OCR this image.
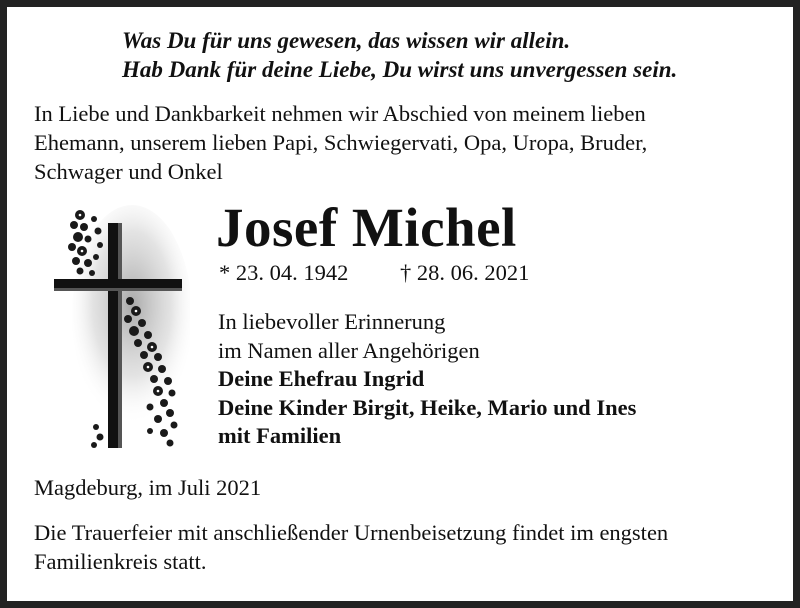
Was Du für uns gewesen, das wissen wir allein.
Hab Dank für deine Liebe, Du wirst uns unvergessen sein.
In Liebe und Dankbarkeit nehmen wir Abschied von meinem lieben
Ehemann, unserem lieben Papi, Schwiegervati, Opa, Uropa, Bruder,
Schwager und Onkel
Josef Michel
* 23. 04. 1942 † 28. 06. 2021
In liebevoller Erinnerung
im Namen aller Angehörigen
Deine Ehefrau Ingrid
Deine Kinder Birgit, Heike, Mario und Ines
mit Familien
Magdeburg, im Juli 2021
Die Trauerfeier mit anschließender Urnenbeisetzung findet im engsten
Familienkreis statt.
